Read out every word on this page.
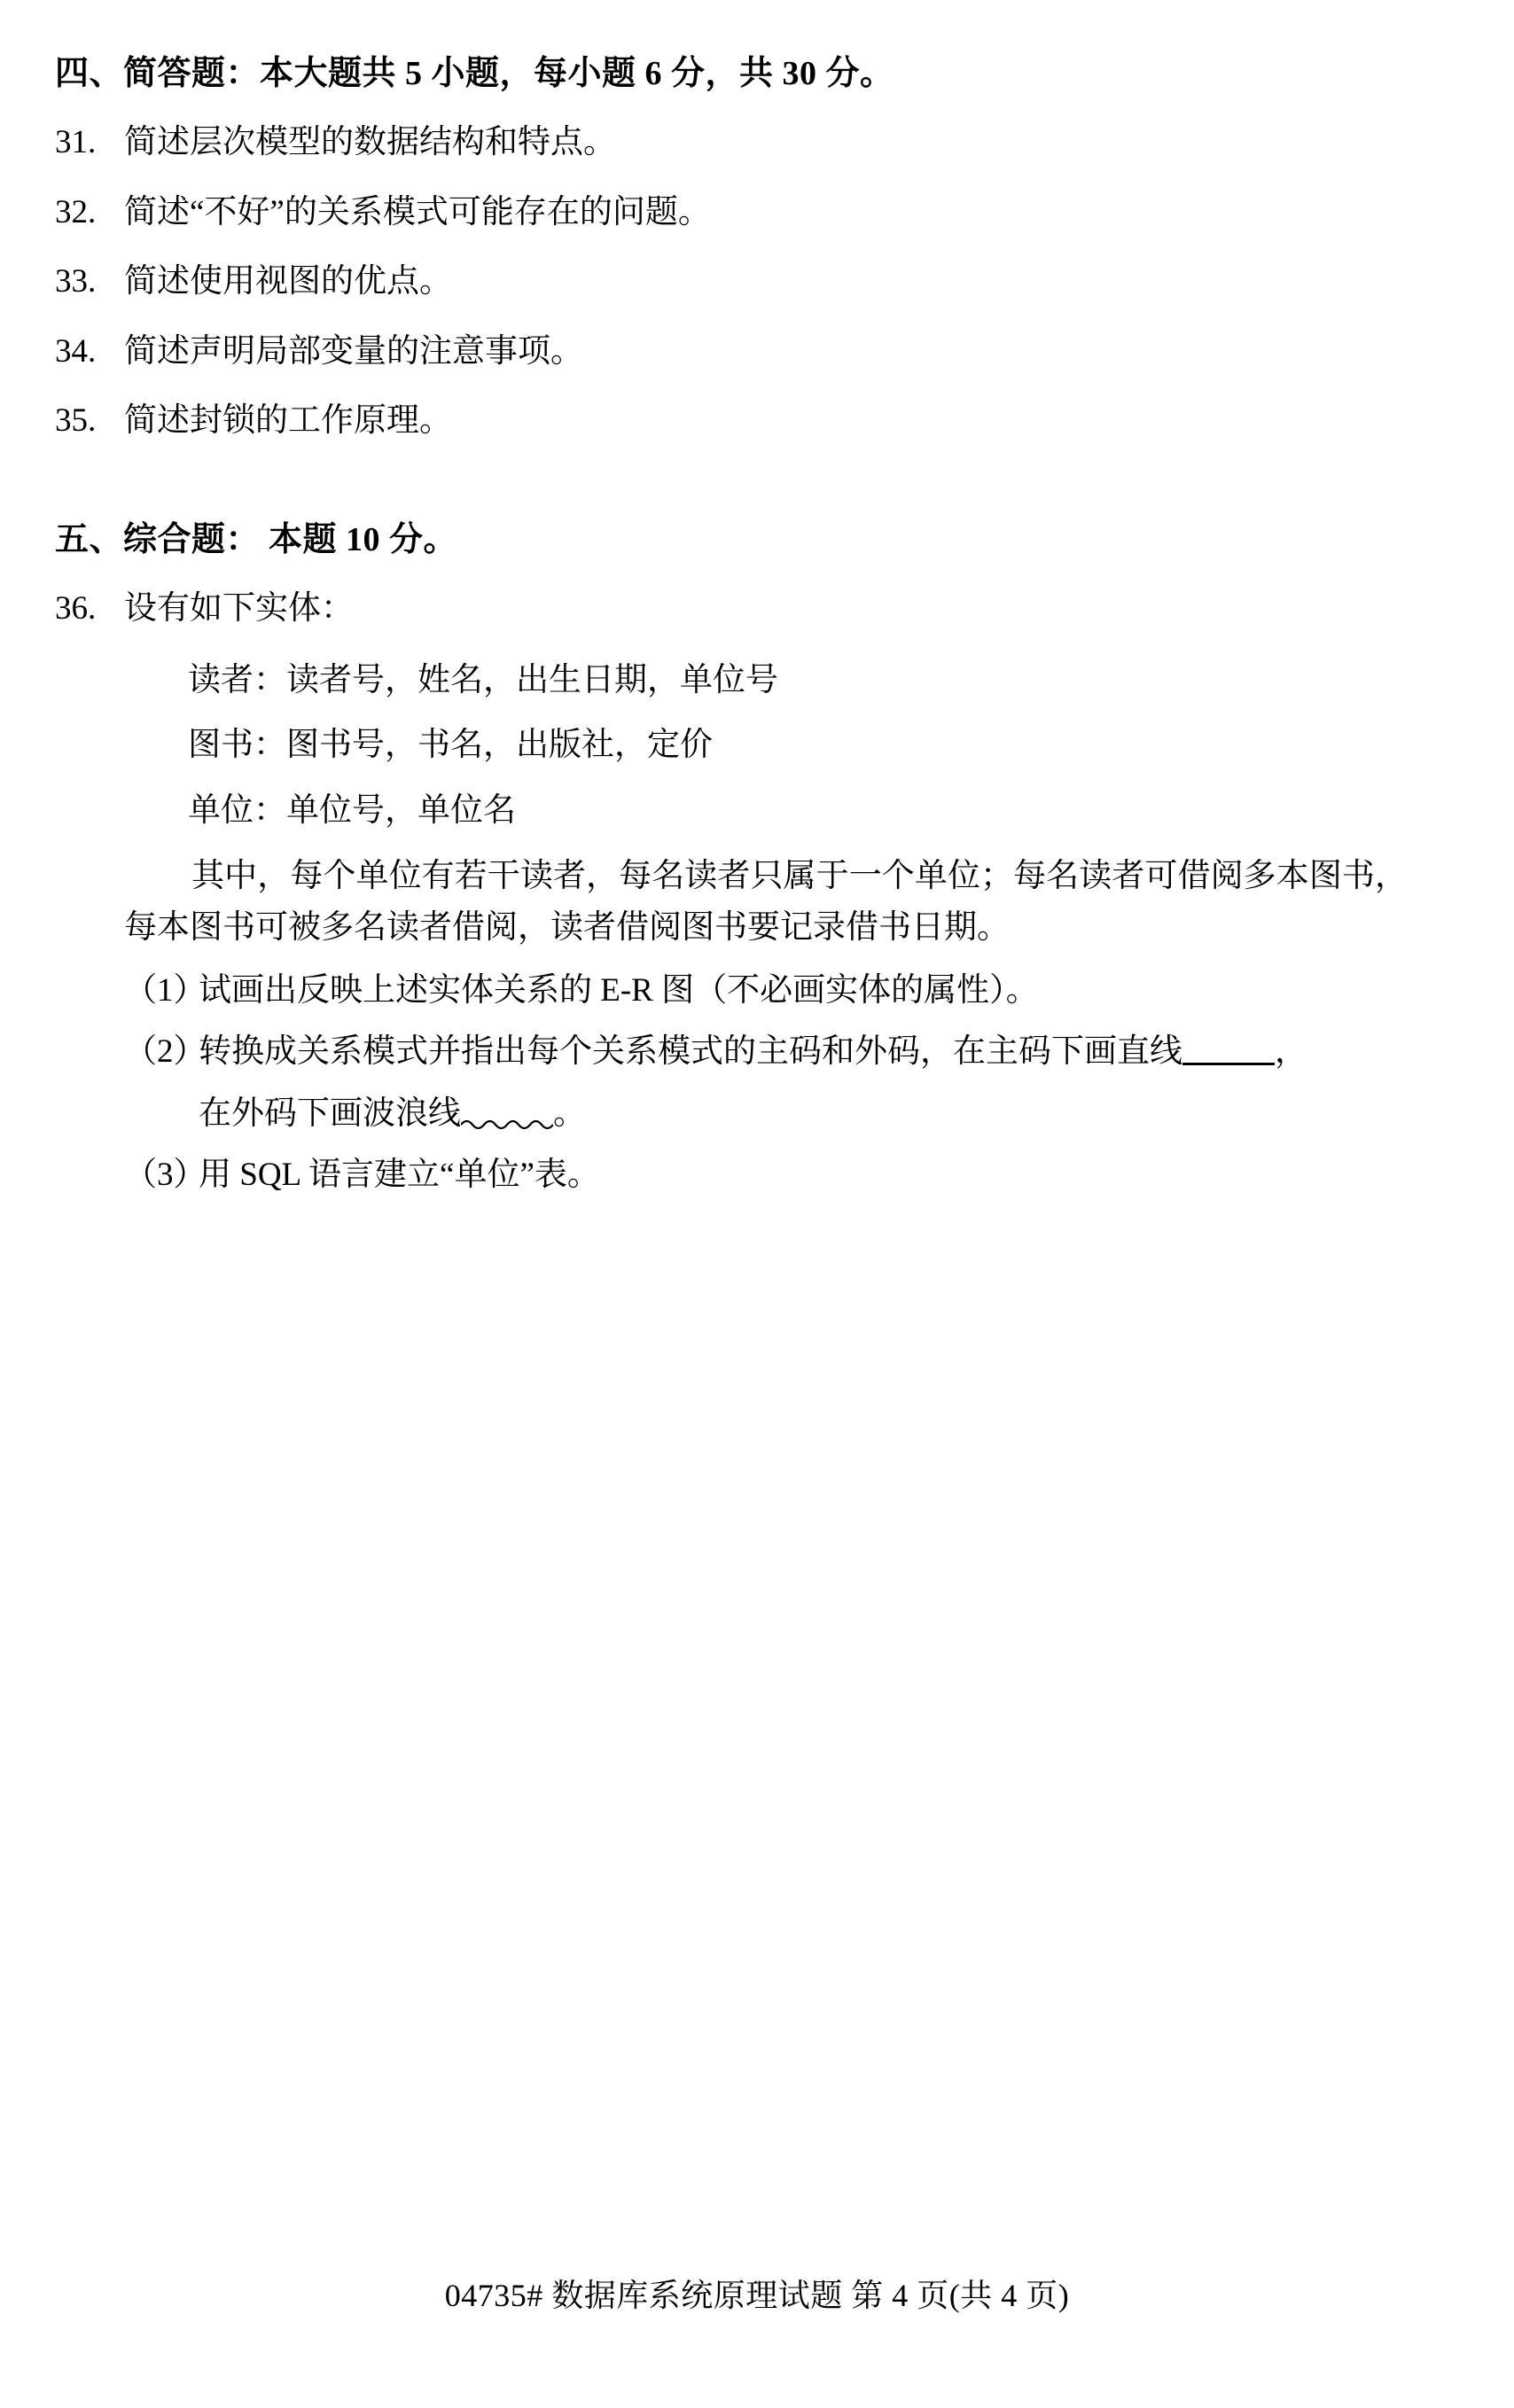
四、简答题：本大题共 5 小题，每小题 6 分，共 30 分。
31. 简述层次模型的数据结构和特点。
32. 简述“不好”的关系模式可能存在的问题。
33. 简述使用视图的优点。
34. 简述声明局部变量的注意事项。
35. 简述封锁的工作原理。
五、综合题： 本题 10 分。
36. 设有如下实体：
读者：读者号，姓名，出生日期，单位号
图书：图书号，书名，出版社，定价
单位：单位号，单位名
其中，每个单位有若干读者，每名读者只属于一个单位；每名读者可借阅多本图书，每本图书可被多名读者借阅，读者借阅图书要记录借书日期。
（1）
试画出反映上述实体关系的 E-R 图（不必画实体的属性）。
（2）
转换成关系模式并指出每个关系模式的主码和外码，在主码下画直线	，
在外码下画波浪线	。
（3）
用 SQL 语言建立“单位”表。
04735# 数据库系统原理试题 第 4 页(共 4 页)
